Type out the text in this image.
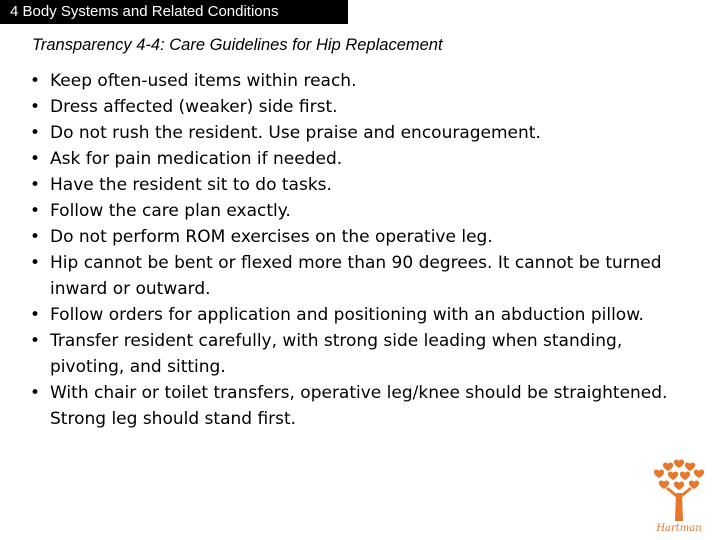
4 Body Systems and Related Conditions
Transparency 4-4: Care Guidelines for Hip Replacement
• Keep often-used items within reach.
• Dress affected (weaker) side first.
• Do not rush the resident. Use praise and encouragement.
• Ask for pain medication if needed.
• Have the resident sit to do tasks.
• Follow the care plan exactly.
• Do not perform ROM exercises on the operative leg.
• Hip cannot be bent or flexed more than 90 degrees. It cannot be turned inward or outward.
• Follow orders for application and positioning with an abduction pillow.
• Transfer resident carefully, with strong side leading when standing, pivoting, and sitting.
• With chair or toilet transfers, operative leg/knee should be straightened. Strong leg should stand first.
Hartman
